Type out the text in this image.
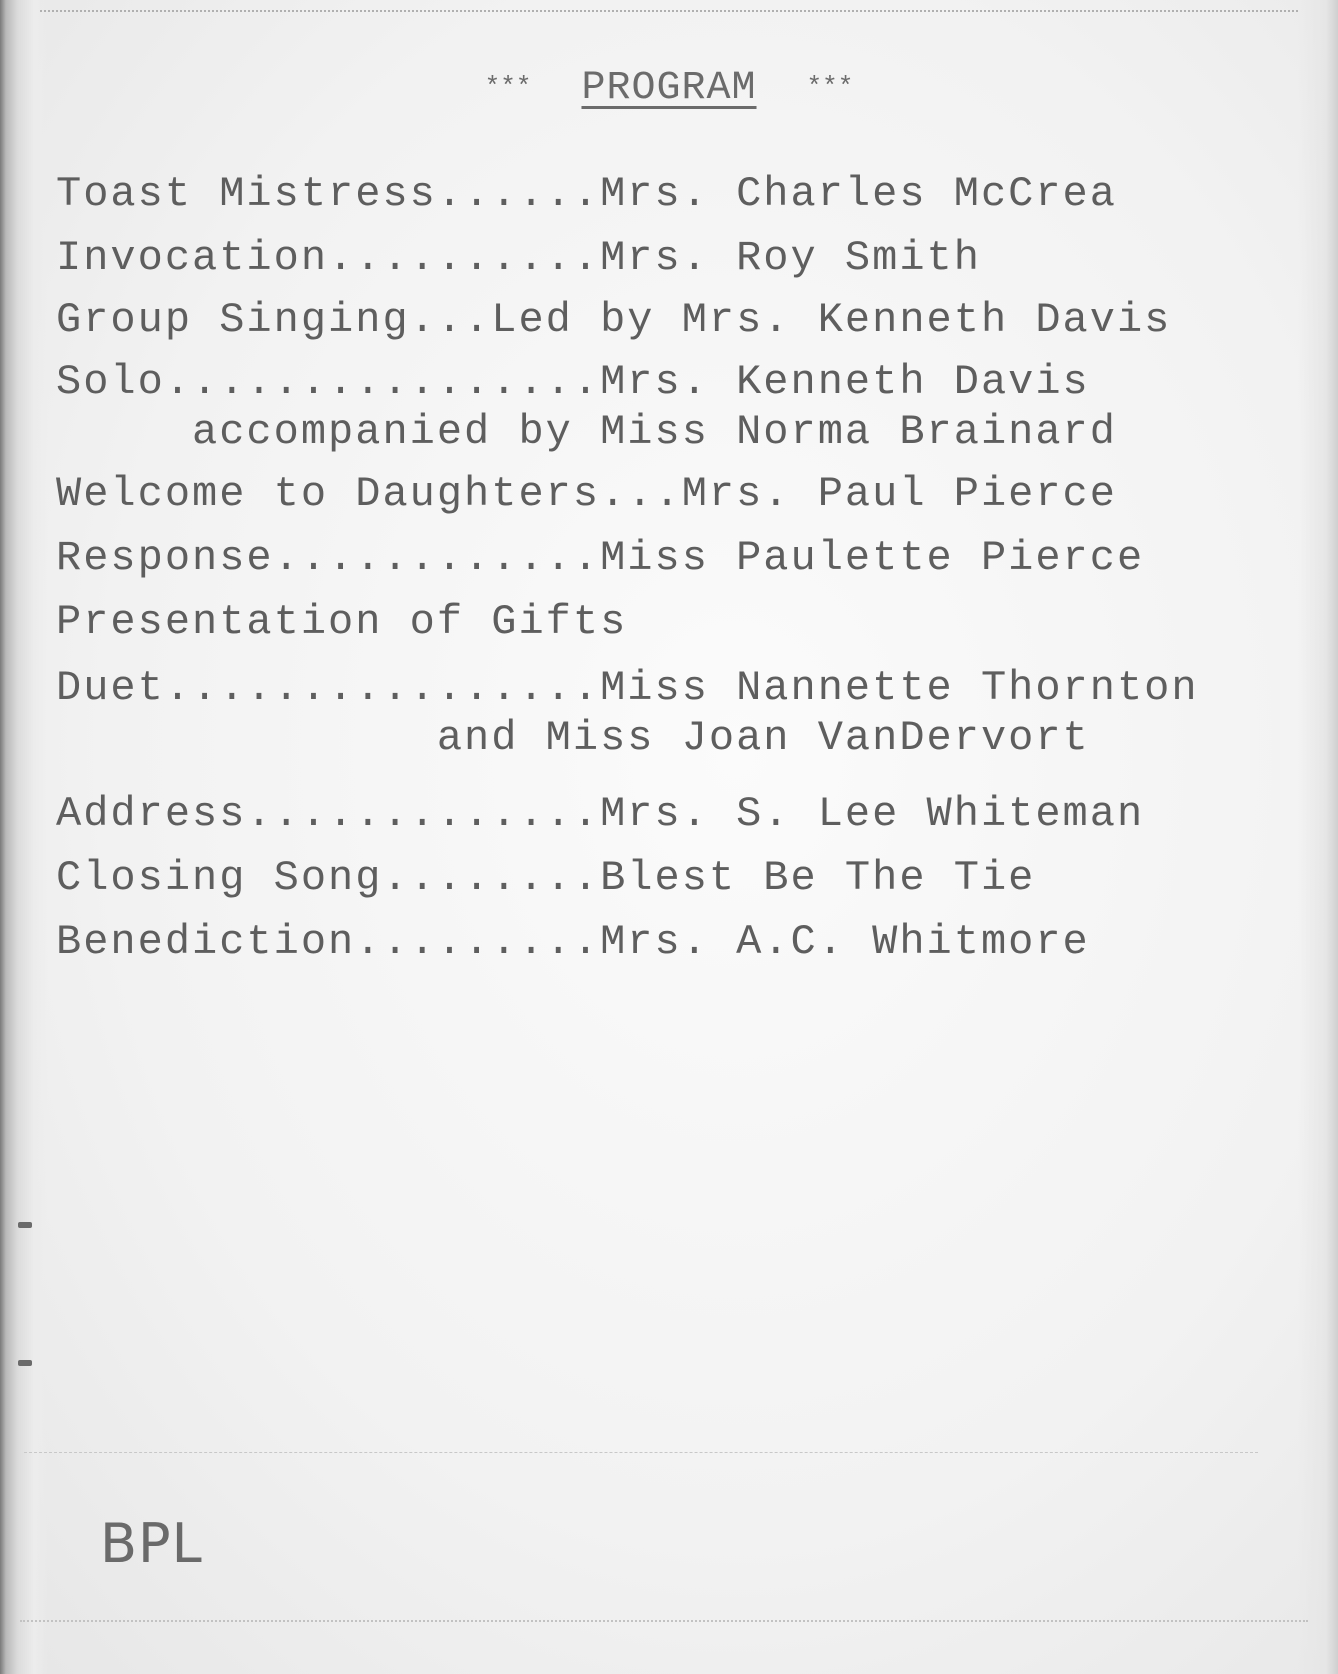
*** PROGRAM ***

Toast Mistress......Mrs. Charles McCrea

Invocation..........Mrs. Roy Smith

Group Singing...Led by Mrs. Kenneth Davis

Solo................Mrs. Kenneth Davis

accompanied by Miss Norma Brainard

Welcome to Daughters...Mrs. Paul Pierce

Response............Miss Paulette Pierce

Presentation of Gifts

Duet................Miss Nannette Thornton

and Miss Joan VanDervort

Address.............Mrs. S. Lee Whiteman

Closing Song........Blest Be The Tie

Benediction.........Mrs. A.C. Whitmore

BPL
